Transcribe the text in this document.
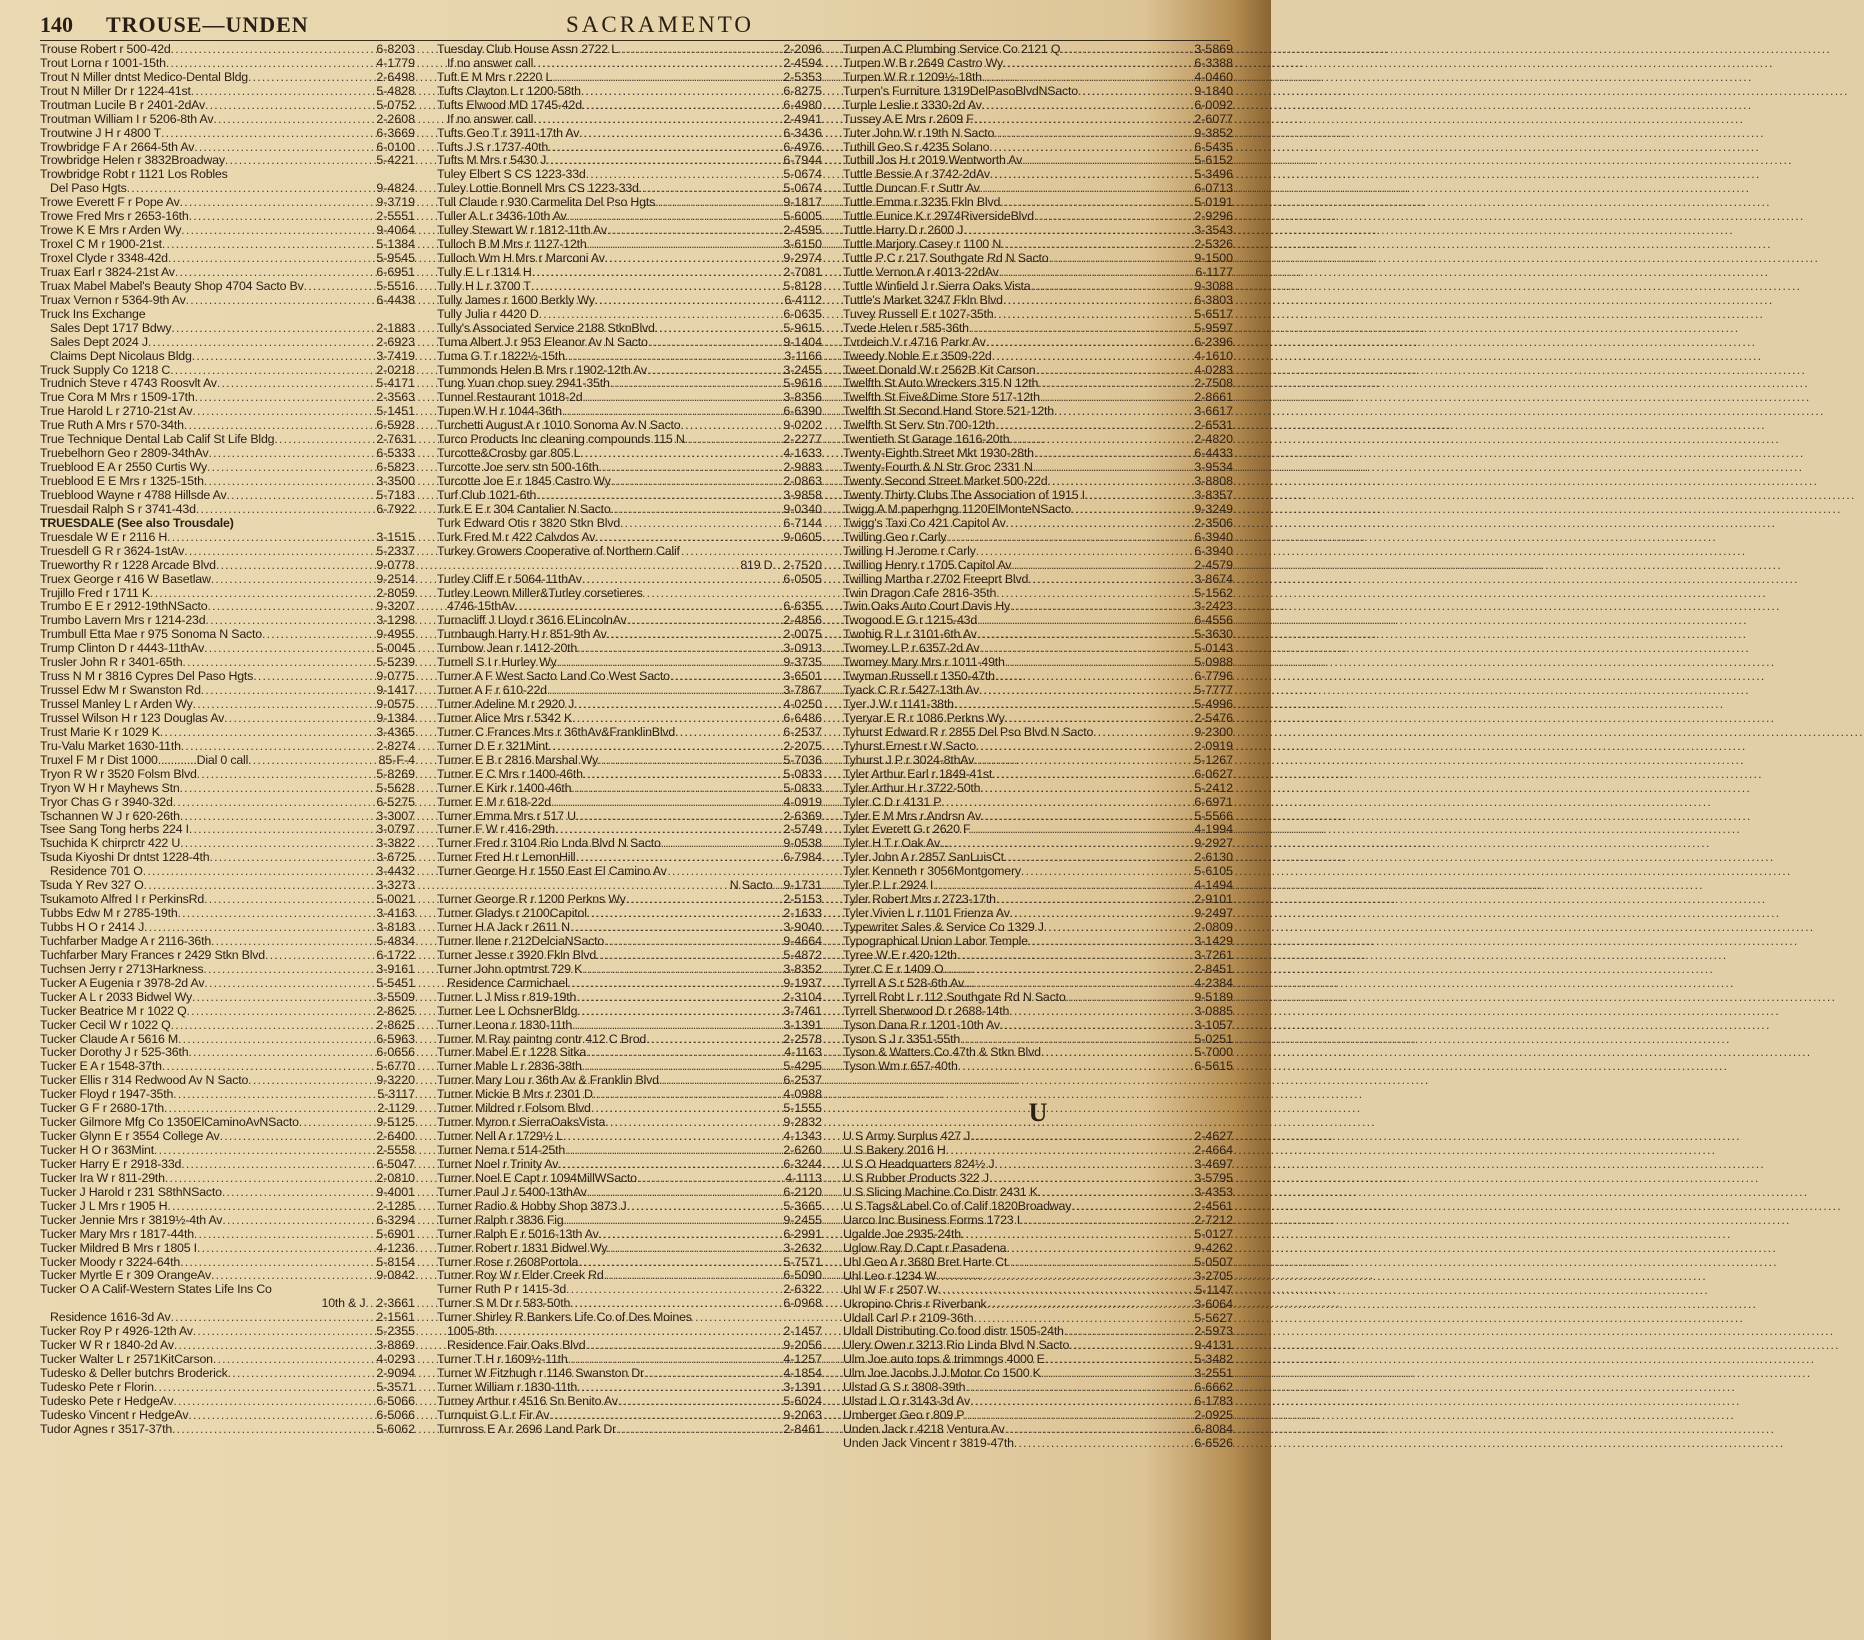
140 TROUSE—UNDEN	SACRAMENTO
Trouse Robert r 500-42d .....	6-8203
Trout Lorna r 1001-15th .....	4-1779
Trout N Miller dntst Medico-Dental Bldg .....	2-6498
Trout N Miller Dr r 1224-41st .....	5-4828
Troutman Lucile B r 2401-2dAv .....	5-0752
Troutman William I r 5206-8th Av .....	2-2608
Troutwine J H r 4800 T .....	6-3669
Trowbridge F A r 2664-5th Av .....	6-0100
Trowbridge Helen r 3832Broadway .....	5-4221
Trowbridge Robt r 1121 Los Robles
Del Paso Hgts .....	9-4824
Trowe Everett F r Pope Av .....	9-3719
Trowe Fred Mrs r 2653-16th .....	2-5551
Trowe K E Mrs r Arden Wy .....	9-4064
Troxel C M r 1900-21st .....	5-1384
Troxel Clyde r 3348-42d .....	5-9545
Truax Earl r 3824-21st Av .....	6-6951
Truax Mabel Mabel's Beauty Shop 4704 Sacto Bv .....	5-5516
Truax Vernon r 5364-9th Av .....	6-4438
Truck Ins Exchange
Sales Dept 1717 Bdwy .....	2-1883
Sales Dept 2024 J .....	2-6923
Claims Dept Nicolaus Bldg .....	3-7419
Truck Supply Co 1218 C .....	2-0218
Trudnich Steve r 4743 Roosvlt Av .....	5-4171
True Cora M Mrs r 1509-17th .....	2-3563
True Harold L r 2710-21st Av .....	5-1451
True Ruth A Mrs r 570-34th .....	6-5928
True Technique Dental Lab Calif St Life Bldg .....	2-7631
Truebelhorn Geo r 2809-34thAv .....	6-5333
Trueblood E A r 2550 Curtis Wy .....	6-5823
Trueblood E E Mrs r 1325-15th .....	3-3500
Trueblood Wayne r 4788 Hillsde Av .....	5-7183
Truesdail Ralph S r 3741-43d .....	6-7922
TRUESDALE (See also Trousdale)
Truesdale W E r 2116 H .....	3-1515
Truesdell G R r 3624-1stAv .....	5-2337
Trueworthy R r 1228 Arcade Blvd .....	9-0778
Truex George r 416 W Basetlaw .....	9-2514
Trujillo Fred r 1711 K .....	2-8059
Trumbo E E r 2912-19thNSacto .....	9-3207
Trumbo Lavern Mrs r 1214-23d .....	3-1298
Trumbull Etta Mae r 975 Sonoma N Sacto .....	9-4955
Trump Clinton D r 4443-11thAv .....	5-0045
Trusler John R r 3401-65th .....	5-5239
Truss N M r 3816 Cypres Del Paso Hgts .....	9-0775
Trussel Edw M r Swanston Rd .....	9-1417
Trussel Manley L r Arden Wy .....	9-0575
Trussel Wilson H r 123 Douglas Av .....	9-1384
Trust Marie K r 1029 K .....	3-4365
Tru-Valu Market 1630-11th .....	2-8274
Truxel F M r Dist 1000............Dial 0 call .....	85-F-4
Tryon R W r 3520 Folsm Blvd .....	5-8269
Tryon W H r Mayhews Stn .....	5-5628
Tryor Chas G r 3940-32d .....	6-5275
Tschannen W J r 620-26th .....	3-3007
Tsee Sang Tong herbs 224 I .....	3-0797
Tsuchida K chirprctr 422 U .....	3-3822
Tsuda Kiyoshi Dr dntst 1228-4th .....	3-6725
Residence 701 O .....	3-4432
Tsuda Y Rev 327 O .....	3-3273
Tsukamoto Alfred I r PerkinsRd .....	5-0021
Tubbs Edw M r 2785-19th .....	3-4163
Tubbs H O r 2414 J .....	3-8183
Tuchfarber Madge A r 2116-36th .....	5-4834
Tuchfarber Mary Frances r 2429 Stkn Blvd .....	6-1722
Tuchsen Jerry r 2713Harkness .....	3-9161
Tucker A Eugenia r 3978-2d Av .....	5-5451
Tucker A L r 2033 Bidwel Wy .....	3-5509
Tucker Beatrice M r 1022 Q .....	2-8625
Tucker Cecil W r 1022 Q .....	2-8625
Tucker Claude A r 5616 M .....	6-5963
Tucker Dorothy J r 525-36th .....	6-0656
Tucker E A r 1548-37th .....	5-6770
Tucker Ellis r 314 Redwood Av N Sacto .....	9-3220
Tucker Floyd r 1947-35th .....	5-3117
Tucker G F r 2680-17th .....	2-1129
Tucker Gilmore Mfg Co 1350ElCaminoAvNSacto .....	9-5125
Tucker Glynn E r 3554 College Av .....	2-6400
Tucker H O r 363Mint .....	2-5558
Tucker Harry E r 2918-33d .....	6-5047
Tucker Ira W r 811-29th .....	2-0810
Tucker J Harold r 231 S8thNSacto .....	9-4001
Tucker J L Mrs r 1905 H .....	2-1285
Tucker Jennie Mrs r 3819½-4th Av .....	6-3294
Tucker Mary Mrs r 1817-44th .....	5-6901
Tucker Mildred B Mrs r 1805 I .....	4-1236
Tucker Moody r 3224-64th .....	5-8154
Tucker Myrtle E r 309 OrangeAv .....	9-0842
Tucker O A Calif-Western States Life Ins Co
10th & J ..... 2-3661
Residence 1616-3d Av .....	2-1561
Tucker Roy P r 4926-12th Av .....	5-2355
Tucker W R r 1840-2d Av .....	3-8869
Tucker Walter L r 2571KitCarson .....	4-0293
Tudesko & Deller butchrs Broderick .....	2-9094
Tudesko Pete r Florin .....	5-3571
Tudesko Pete r HedgeAv .....	6-5066
Tudesko Vincent r HedgeAv .....	6-5066
Tudor Agnes r 3517-37th .....	5-6062
Tuesday Club House Assn 2722 L .....	2-2096
If no answer call .....	2-4594
Tuft E M Mrs r 2220 L .....	2-5353
Tufts Clayton L r 1200-58th .....	6-8275
Tufts Elwood MD 1745-42d .....	6-4980
If no answer call .....	2-4941
Tufts Geo T r 3911-17th Av .....	6-3436
Tufts J S r 1737-40th .....	6-4976
Tufts M Mrs r 5430 J .....	6-7944
Tuley Elbert S CS 1223-33d .....	5-0674
Tuley Lottie Bonnell Mrs CS 1223-33d .....	5-0674
Tull Claude r 930 Carmelita Del Pso Hgts .....	9-1817
Tuller A L r 3436-10th Av .....	5-6005
Tulley Stewart W r 1812-11th Av .....	2-4595
Tulloch B M Mrs r 1127-12th .....	3-6150
Tulloch Wm H Mrs r Marconi Av .....	9-2974
Tully E L r 1314 H .....	2-7081
Tully H L r 3700 T .....	5-8128
Tully James r 1600 Berkly Wy .....	6-4112
Tully Julia r 4420 D .....	6-0635
Tully's Associated Service 2188 StknBlvd .....	5-9615
Tuma Albert J r 953 Eleanor Av N Sacto .....	9-1404
Tuma G T r 1822½-15th .....	3-1166
Tummonds Helen B Mrs r 1902-12th Av .....	3-2455
Tung Yuan chop suey 2941-35th .....	5-9616
Tunnel Restaurant 1018-2d .....	3-8356
Tupen W H r 1044-36th .....	6-6390
Turchetti August A r 1010 Sonoma Av N Sacto .....	9-0202
Turco Products Inc cleaning compounds 115 N .....	2-2277
Turcotte&Crosby gar 805 L .....	4-1633
Turcotte Joe serv stn 500-16th .....	2-9883
Turcotte Joe E r 1845 Castro Wy .....	2-0863
Turf Club 1021-6th .....	3-9858
Turk E E r 304 Cantalier N Sacto .....	9-0340
Turk Edward Otis r 3820 Stkn Blvd .....	6-7144
Turk Fred M r 422 Calvdos Av .....	9-0605
Turkey Growers Cooperative of Northern Calif
819 D ..... 2-7520
Turley Cliff E r 5064-11thAv .....	6-0505
Turley Leown Miller&Turley corsetieres
4746-15thAv .....	6-6355
Turnacliff J Lloyd r 3616 ELincolnAv .....	2-4856
Turnbaugh Harry H r 851-9th Av .....	2-0075
Turnbow Jean r 1412-20th .....	3-0913
Turnell S I r Hurley Wy .....	9-3735
Turner A F West Sacto Land Co West Sacto .....	3-6501
Turner A F r 610-22d .....	3-7867
Turner Adeline M r 2920 J .....	4-0250
Turner Alice Mrs r 5342 K .....	6-6486
Turner C Frances Mrs r 36thAv&FranklinBlvd .....	6-2537
Turner D E r 321Mint .....	2-2075
Turner E B r 2816 Marshal Wy .....	5-7036
Turner E C Mrs r 1400-46th .....	5-0833
Turner E Kirk r 1400-46th .....	5-0833
Turner E M r 618-22d .....	4-0919
Turner Emma Mrs r 517 U .....	2-6369
Turner F W r 416-29th .....	2-5749
Turner Fred r 3104 Rio Lnda Blvd N Sacto .....	9-0538
Turner Fred H r LemonHill .....	6-7984
Turner George H r 1550 East El Camino Av
N Sacto ..... 9-1731
Turner George R r 1200 Perkns Wy .....	2-5153
Turner Gladys r 2100Capitol .....	2-1633
Turner H A Jack r 2611 N .....	3-9040
Turner Ilene r 212DelciaNSacto .....	9-4664
Turner Jesse r 3920 Fkln Blvd .....	5-4872
Turner John optmtrst 729 K .....	3-8352
Residence Carmichael .....	9-1937
Turner L J Miss r 819-19th .....	2-3104
Turner Lee L OchsnerBldg .....	3-7461
Turner Leona r 1830-11th .....	3-1391
Turner M Ray paintng contr 412 C Brod .....	2-2578
Turner Mabel E r 1228 Sitka .....	4-1163
Turner Mable L r 2836-38th .....	5-4295
Turner Mary Lou r 36th Av & Franklin Blvd .....	6-2537
Turner Mickie B Mrs r 2301 D .....	4-0988
Turner Mildred r Folsom Blvd .....	5-1555
Turner Myron r SierraOaksVista .....	9-2832
Turner Nell A r 1729½ L .....	4-1343
Turner Nema r 514-25th .....	2-6260
Turner Noel r Trinity Av .....	6-3244
Turner Noel E Capt r 1094MillWSacto .....	4-1113
Turner Paul J r 5400-13thAv .....	6-2120
Turner Radio & Hobby Shop 3873 J .....	5-3665
Turner Ralph r 3836 Fig .....	9-2455
Turner Ralph E r 5016-13th Av .....	6-2991
Turner Robert r 1831 Bidwel Wy .....	3-2632
Turner Rose r 2608Portola .....	5-7571
Turner Roy W r Elder Creek Rd .....	6-5090
Turner Ruth P r 1415-3d .....	2-6322
Turner S M Dr r 583-50th .....	6-0968
Turner Shirley R Bankers Life Co of Des Moines
1005-8th .....	2-1457
Residence Fair Oaks Blvd .....	9-2056
Turner T H r 1609½-11th .....	4-1257
Turner W Fitzhugh r 1146 Swanston Dr .....	4-1854
Turner William r 1830-11th .....	3-1391
Turney Arthur r 4516 Sn Benito Av .....	5-6024
Turnquist G L r Fir Av .....	9-2063
Turnross E A r 2696 Land Park Dr .....	2-8461
Turpen A C Plumbing Service Co 2121 Q .....	3-5869
Turpen W B r 2649 Castro Wy .....	6-3388
Turpen W R r 1209½-18th .....	4-0460
Turpen's Furniture 1319DelPasoBlvdNSacto .....	9-1840
Turple Leslie r 3330-2d Av .....	6-0092
Tussey A E Mrs r 2609 F .....	2-6077
Tuter John W r 19th N Sacto .....	9-3852
Tuthill Geo S r 4235 Solano .....	6-5435
Tuthill Jos H r 2019 Wentworth Av .....	5-6152
Tuttle Bessie A r 3742-2dAv .....	5-3496
Tuttle Duncan F r Suttr Av .....	6-0713
Tuttle Emma r 3235 Fkln Blvd .....	5-0191
Tuttle Eunice K r 2974RiversideBlvd .....	2-9296
Tuttle Harry D r 2600 J .....	3-3543
Tuttle Marjory Casey r 1100 N .....	2-5326
Tuttle P C r 217 Southgate Rd N Sacto .....	9-1500
Tuttle Vernon A r 4013-22dAv .....	6-1177
Tuttle Winfield J r Sierra Oaks Vista .....	9-3088
Tuttle's Market 3247 Fkln Blvd .....	6-3803
Tuvey Russell E r 1027-35th .....	5-6517
Tvede Helen r 585-36th .....	5-9597
Tvrdeich V r 4716 Parkr Av .....	6-2396
Tweedy Noble E r 3509-22d .....	4-1610
Tweet Donald W r 2562B Kit Carson .....	4-0283
Twelfth St Auto Wreckers 315 N 12th .....	2-7508
Twelfth St Five&Dime Store 517-12th .....	2-8661
Twelfth St Second Hand Store 521-12th .....	3-6617
Twelfth St Serv Stn 700-12th .....	2-6531
Twentieth St Garage 1616-20th .....	2-4820
Twenty-Eighth Street Mkt 1930-28th .....	6-4433
Twenty-Fourth & N Str Groc 2331 N .....	3-9534
Twenty Second Street Market 500-22d .....	3-8808
Twenty Thirty Clubs The Association of 1915 I .....	3-8357
Twigg A M paperhgng 1120ElMonteNSacto .....	9-3249
Twigg's Taxi Co 421 Capitol Av .....	2-3506
Twilling Geo r Carly .....	6-3940
Twilling H Jerome r Carly .....	6-3940
Twilling Henry r 1705 Capitol Av .....	2-4579
Twilling Martha r 2702 Freeprt Blvd .....	3-8674
Twin Dragon Cafe 2816-35th .....	5-1562
Twin Oaks Auto Court Davis Hy .....	3-2423
Twogood E G r 1215-43d .....	6-4556
Twohig R L r 3101-6th Av .....	5-3630
Twomey L P r 6357-2d Av .....	5-0143
Twomey Mary Mrs r 1011-49th .....	5-0988
Twyman Russell r 1350-47th .....	6-7796
Tyack C R r 5427-13th Av .....	5-7777
Tyer J W r 1141-38th .....	5-4996
Tyeryar E R r 1086 Perkns Wy .....	2-5476
Tyhurst Edward R r 2855 Del Pso Blvd N Sacto .....	9-2300
Tyhurst Ernest r W Sacto .....	2-0919
Tyhurst J P r 3024-8thAv .....	5-1267
Tyler Arthur Earl r 1849-41st .....	6-0627
Tyler Arthur H r 3722-50th .....	5-2412
Tyler C D r 4131 P .....	6-6971
Tyler E M Mrs r Andrsn Av .....	5-5566
Tyler Everett G r 2620 F .....	4-1994
Tyler H T r Oak Av .....	9-2927
Tyler John A r 2857 SanLuisCt .....	2-6130
Tyler Kenneth r 3056Montgomery .....	5-6105
Tyler P L r 2924 I .....	4-1494
Tyler Robert Mrs r 2723-17th .....	2-9101
Tyler Vivien L r 1101 Frienza Av .....	9-2497
Typewriter Sales & Service Co 1329 J .....	2-0809
Typographical Union Labor Temple .....	3-1429
Tyree W E r 420-12th .....	3-7261
Tyrer C E r 1409 O .....	2-8451
Tyrrell A S r 528-6th Av .....	4-2384
Tyrrell Robt L r 112 Southgate Rd N Sacto .....	9-5189
Tyrrell Sherwood D r 2688-14th .....	3-0885
Tyson Dana R r 1201-10th Av .....	3-1057
Tyson S J r 3351-55th .....	5-0251
Tyson & Watters Co 47th & Stkn Blvd .....	5-7000
Tyson Wm r 657-40th .....	6-5615
U
U S Army Surplus 427 J .....	2-4627
U S Bakery 2016 H .....	2-4664
U S O Headquarters 824½ J .....	3-4697
U S Rubber Products 322 J .....	3-5795
U S Slicing Machine Co Distr 2431 K .....	3-4353
U S Tags&Label Co of Calif 1820Broadway .....	2-4561
Uarco Inc Business Forms 1723 I .....	2-7212
Ugalde Joe 2935-24th .....	5-0127
Uglow Ray D Capt r Pasadena .....	9-4262
Uhl Geo A r 3680 Bret Harte Ct .....	5-0507
Uhl Leo r 1234 W .....	3-2705
Uhl W F r 2507 W .....	5-1147
Ukropino Chris r Riverbank .....	3-6064
Uldall Carl P r 2109-36th .....	5-5627
Uldall Distributing Co food distr 1505-24th .....	2-5973
Ulery Owen r 3213 Rio Linda Blvd N Sacto .....	9-4131
Ulm Joe auto tops & trimmngs 4000 E .....	5-3482
Ulm Joe Jacobs J J Motor Co 1500 K .....	3-2551
Ulstad G S r 3808-39th .....	6-6662
Ulstad L O r 3143-3d Av .....	6-1783
Umberger Geo r 809 P .....	2-0925
Unden Jack r 4218 Ventura Av .....	6-8084
Unden Jack Vincent r 3819-47th .....	6-6526
